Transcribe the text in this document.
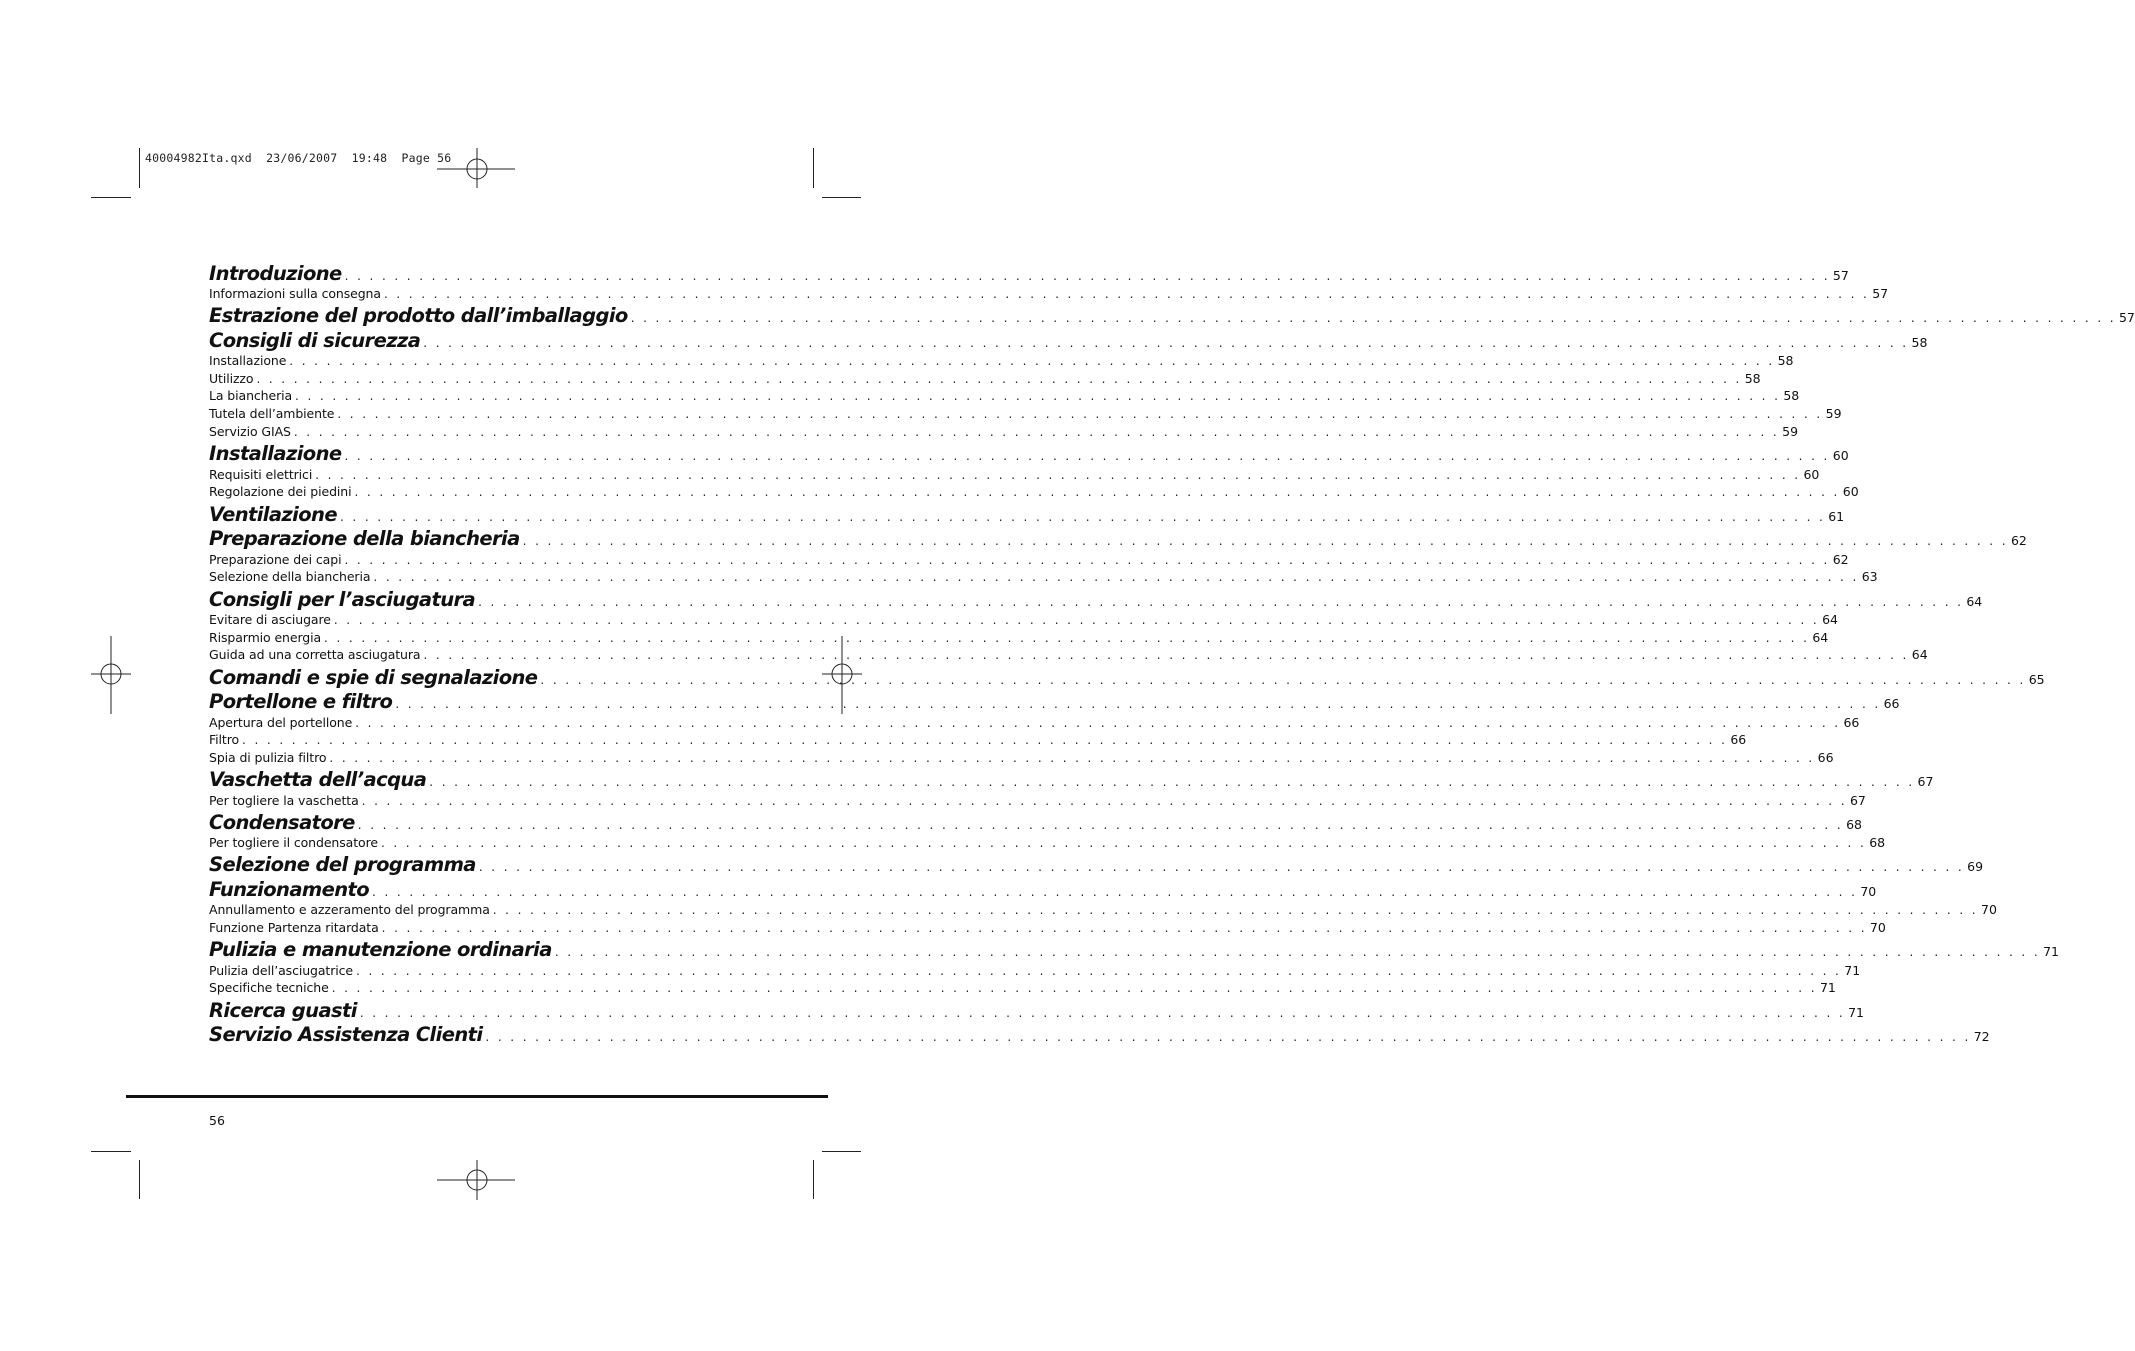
40004982Ita.qxd  23/06/2007  19:48  Page 56
Introduzione . . . . . . . . . . . . . . . . . . . . . . . . . . . . . . . . . . . . . . . . . . . . . . . . . . . . . . . . . . . . . . . . . . . . . . . . . . . . . . . . . . . . . . . . . . . . . . . . . . . . . . . . . . . . . . . . . . . . . . . . 57
Informazioni sulla consegna . . . . . . . . . . . . . . . . . . . . . . . . . . . . . . . . . . . . . . . . . . . . . . . . . . . . . . . . . . . . . . . . . . . . . . . . . . . . . . . . . . . . . . . . . . . . . . . . . . . . . . . . . . . . . . . . . . . . . . . . 57
Estrazione del prodotto dall’imballaggio . . . . . . . . . . . . . . . . . . . . . . . . . . . . . . . . . . . . . . . . . . . . . . . . . . . . . . . . . . . . . . . . . . . . . . . . . . . . . . . . . . . . . . . . . . . . . . . . . . . . . . . . . . . . . . . . . . . . . . . . 57
Consigli di sicurezza . . . . . . . . . . . . . . . . . . . . . . . . . . . . . . . . . . . . . . . . . . . . . . . . . . . . . . . . . . . . . . . . . . . . . . . . . . . . . . . . . . . . . . . . . . . . . . . . . . . . . . . . . . . . . . . . . . . . . . . . 58
Installazione . . . . . . . . . . . . . . . . . . . . . . . . . . . . . . . . . . . . . . . . . . . . . . . . . . . . . . . . . . . . . . . . . . . . . . . . . . . . . . . . . . . . . . . . . . . . . . . . . . . . . . . . . . . . . . . . . . . . . . . . 58
Utilizzo . . . . . . . . . . . . . . . . . . . . . . . . . . . . . . . . . . . . . . . . . . . . . . . . . . . . . . . . . . . . . . . . . . . . . . . . . . . . . . . . . . . . . . . . . . . . . . . . . . . . . . . . . . . . . . . . . . . . . . . . 58
La biancheria . . . . . . . . . . . . . . . . . . . . . . . . . . . . . . . . . . . . . . . . . . . . . . . . . . . . . . . . . . . . . . . . . . . . . . . . . . . . . . . . . . . . . . . . . . . . . . . . . . . . . . . . . . . . . . . . . . . . . . . . 58
Tutela dell’ambiente . . . . . . . . . . . . . . . . . . . . . . . . . . . . . . . . . . . . . . . . . . . . . . . . . . . . . . . . . . . . . . . . . . . . . . . . . . . . . . . . . . . . . . . . . . . . . . . . . . . . . . . . . . . . . . . . . . . . . . . . 59
Servizio GIAS . . . . . . . . . . . . . . . . . . . . . . . . . . . . . . . . . . . . . . . . . . . . . . . . . . . . . . . . . . . . . . . . . . . . . . . . . . . . . . . . . . . . . . . . . . . . . . . . . . . . . . . . . . . . . . . . . . . . . . . . 59
Installazione . . . . . . . . . . . . . . . . . . . . . . . . . . . . . . . . . . . . . . . . . . . . . . . . . . . . . . . . . . . . . . . . . . . . . . . . . . . . . . . . . . . . . . . . . . . . . . . . . . . . . . . . . . . . . . . . . . . . . . . . 60
Requisiti elettrici . . . . . . . . . . . . . . . . . . . . . . . . . . . . . . . . . . . . . . . . . . . . . . . . . . . . . . . . . . . . . . . . . . . . . . . . . . . . . . . . . . . . . . . . . . . . . . . . . . . . . . . . . . . . . . . . . . . . . . . . 60
Regolazione dei piedini . . . . . . . . . . . . . . . . . . . . . . . . . . . . . . . . . . . . . . . . . . . . . . . . . . . . . . . . . . . . . . . . . . . . . . . . . . . . . . . . . . . . . . . . . . . . . . . . . . . . . . . . . . . . . . . . . . . . . . . . 60
Ventilazione . . . . . . . . . . . . . . . . . . . . . . . . . . . . . . . . . . . . . . . . . . . . . . . . . . . . . . . . . . . . . . . . . . . . . . . . . . . . . . . . . . . . . . . . . . . . . . . . . . . . . . . . . . . . . . . . . . . . . . . . 61
Preparazione della biancheria . . . . . . . . . . . . . . . . . . . . . . . . . . . . . . . . . . . . . . . . . . . . . . . . . . . . . . . . . . . . . . . . . . . . . . . . . . . . . . . . . . . . . . . . . . . . . . . . . . . . . . . . . . . . . . . . . . . . . . . . 62
Preparazione dei capi . . . . . . . . . . . . . . . . . . . . . . . . . . . . . . . . . . . . . . . . . . . . . . . . . . . . . . . . . . . . . . . . . . . . . . . . . . . . . . . . . . . . . . . . . . . . . . . . . . . . . . . . . . . . . . . . . . . . . . . . 62
Selezione della biancheria . . . . . . . . . . . . . . . . . . . . . . . . . . . . . . . . . . . . . . . . . . . . . . . . . . . . . . . . . . . . . . . . . . . . . . . . . . . . . . . . . . . . . . . . . . . . . . . . . . . . . . . . . . . . . . . . . . . . . . . . 63
Consigli per l’asciugatura . . . . . . . . . . . . . . . . . . . . . . . . . . . . . . . . . . . . . . . . . . . . . . . . . . . . . . . . . . . . . . . . . . . . . . . . . . . . . . . . . . . . . . . . . . . . . . . . . . . . . . . . . . . . . . . . . . . . . . . . 64
Evitare di asciugare . . . . . . . . . . . . . . . . . . . . . . . . . . . . . . . . . . . . . . . . . . . . . . . . . . . . . . . . . . . . . . . . . . . . . . . . . . . . . . . . . . . . . . . . . . . . . . . . . . . . . . . . . . . . . . . . . . . . . . . . 64
Risparmio energia . . . . . . . . . . . . . . . . . . . . . . . . . . . . . . . . . . . . . . . . . . . . . . . . . . . . . . . . . . . . . . . . . . . . . . . . . . . . . . . . . . . . . . . . . . . . . . . . . . . . . . . . . . . . . . . . . . . . . . . . 64
Guida ad una corretta asciugatura . . . . . . . . . . . . . . . . . . . . . . . . . . . . . . . . . . . . . . . . . . . . . . . . . . . . . . . . . . . . . . . . . . . . . . . . . . . . . . . . . . . . . . . . . . . . . . . . . . . . . . . . . . . . . . . . . . . . . . . . 64
Comandi e spie di segnalazione . . . . . . . . . . . . . . . . . . . . . . . . . . . . . . . . . . . . . . . . . . . . . . . . . . . . . . . . . . . . . . . . . . . . . . . . . . . . . . . . . . . . . . . . . . . . . . . . . . . . . . . . . . . . . . . . . . . . . . . . 65
Portellone e filtro . . . . . . . . . . . . . . . . . . . . . . . . . . . . . . . . . . . . . . . . . . . . . . . . . . . . . . . . . . . . . . . . . . . . . . . . . . . . . . . . . . . . . . . . . . . . . . . . . . . . . . . . . . . . . . . . . . . . . . . . 66
Apertura del portellone . . . . . . . . . . . . . . . . . . . . . . . . . . . . . . . . . . . . . . . . . . . . . . . . . . . . . . . . . . . . . . . . . . . . . . . . . . . . . . . . . . . . . . . . . . . . . . . . . . . . . . . . . . . . . . . . . . . . . . . . 66
Filtro . . . . . . . . . . . . . . . . . . . . . . . . . . . . . . . . . . . . . . . . . . . . . . . . . . . . . . . . . . . . . . . . . . . . . . . . . . . . . . . . . . . . . . . . . . . . . . . . . . . . . . . . . . . . . . . . . . . . . . . . 66
Spia di pulizia filtro . . . . . . . . . . . . . . . . . . . . . . . . . . . . . . . . . . . . . . . . . . . . . . . . . . . . . . . . . . . . . . . . . . . . . . . . . . . . . . . . . . . . . . . . . . . . . . . . . . . . . . . . . . . . . . . . . . . . . . . . 66
Vaschetta dell’acqua . . . . . . . . . . . . . . . . . . . . . . . . . . . . . . . . . . . . . . . . . . . . . . . . . . . . . . . . . . . . . . . . . . . . . . . . . . . . . . . . . . . . . . . . . . . . . . . . . . . . . . . . . . . . . . . . . . . . . . . . 67
Per togliere la vaschetta . . . . . . . . . . . . . . . . . . . . . . . . . . . . . . . . . . . . . . . . . . . . . . . . . . . . . . . . . . . . . . . . . . . . . . . . . . . . . . . . . . . . . . . . . . . . . . . . . . . . . . . . . . . . . . . . . . . . . . . . 67
Condensatore . . . . . . . . . . . . . . . . . . . . . . . . . . . . . . . . . . . . . . . . . . . . . . . . . . . . . . . . . . . . . . . . . . . . . . . . . . . . . . . . . . . . . . . . . . . . . . . . . . . . . . . . . . . . . . . . . . . . . . . . 68
Per togliere il condensatore . . . . . . . . . . . . . . . . . . . . . . . . . . . . . . . . . . . . . . . . . . . . . . . . . . . . . . . . . . . . . . . . . . . . . . . . . . . . . . . . . . . . . . . . . . . . . . . . . . . . . . . . . . . . . . . . . . . . . . . . 68
Selezione del programma . . . . . . . . . . . . . . . . . . . . . . . . . . . . . . . . . . . . . . . . . . . . . . . . . . . . . . . . . . . . . . . . . . . . . . . . . . . . . . . . . . . . . . . . . . . . . . . . . . . . . . . . . . . . . . . . . . . . . . . . 69
Funzionamento . . . . . . . . . . . . . . . . . . . . . . . . . . . . . . . . . . . . . . . . . . . . . . . . . . . . . . . . . . . . . . . . . . . . . . . . . . . . . . . . . . . . . . . . . . . . . . . . . . . . . . . . . . . . . . . . . . . . . . . . 70
Annullamento e azzeramento del programma . . . . . . . . . . . . . . . . . . . . . . . . . . . . . . . . . . . . . . . . . . . . . . . . . . . . . . . . . . . . . . . . . . . . . . . . . . . . . . . . . . . . . . . . . . . . . . . . . . . . . . . . . . . . . . . . . . . . . . . . 70
Funzione Partenza ritardata . . . . . . . . . . . . . . . . . . . . . . . . . . . . . . . . . . . . . . . . . . . . . . . . . . . . . . . . . . . . . . . . . . . . . . . . . . . . . . . . . . . . . . . . . . . . . . . . . . . . . . . . . . . . . . . . . . . . . . . . 70
Pulizia e manutenzione ordinaria . . . . . . . . . . . . . . . . . . . . . . . . . . . . . . . . . . . . . . . . . . . . . . . . . . . . . . . . . . . . . . . . . . . . . . . . . . . . . . . . . . . . . . . . . . . . . . . . . . . . . . . . . . . . . . . . . . . . . . . . 71
Pulizia dell’asciugatrice . . . . . . . . . . . . . . . . . . . . . . . . . . . . . . . . . . . . . . . . . . . . . . . . . . . . . . . . . . . . . . . . . . . . . . . . . . . . . . . . . . . . . . . . . . . . . . . . . . . . . . . . . . . . . . . . . . . . . . . . 71
Specifiche tecniche . . . . . . . . . . . . . . . . . . . . . . . . . . . . . . . . . . . . . . . . . . . . . . . . . . . . . . . . . . . . . . . . . . . . . . . . . . . . . . . . . . . . . . . . . . . . . . . . . . . . . . . . . . . . . . . . . . . . . . . . 71
Ricerca guasti . . . . . . . . . . . . . . . . . . . . . . . . . . . . . . . . . . . . . . . . . . . . . . . . . . . . . . . . . . . . . . . . . . . . . . . . . . . . . . . . . . . . . . . . . . . . . . . . . . . . . . . . . . . . . . . . . . . . . . . . 71
Servizio Assistenza Clienti . . . . . . . . . . . . . . . . . . . . . . . . . . . . . . . . . . . . . . . . . . . . . . . . . . . . . . . . . . . . . . . . . . . . . . . . . . . . . . . . . . . . . . . . . . . . . . . . . . . . . . . . . . . . . . . . . . . . . . . . 72
56
